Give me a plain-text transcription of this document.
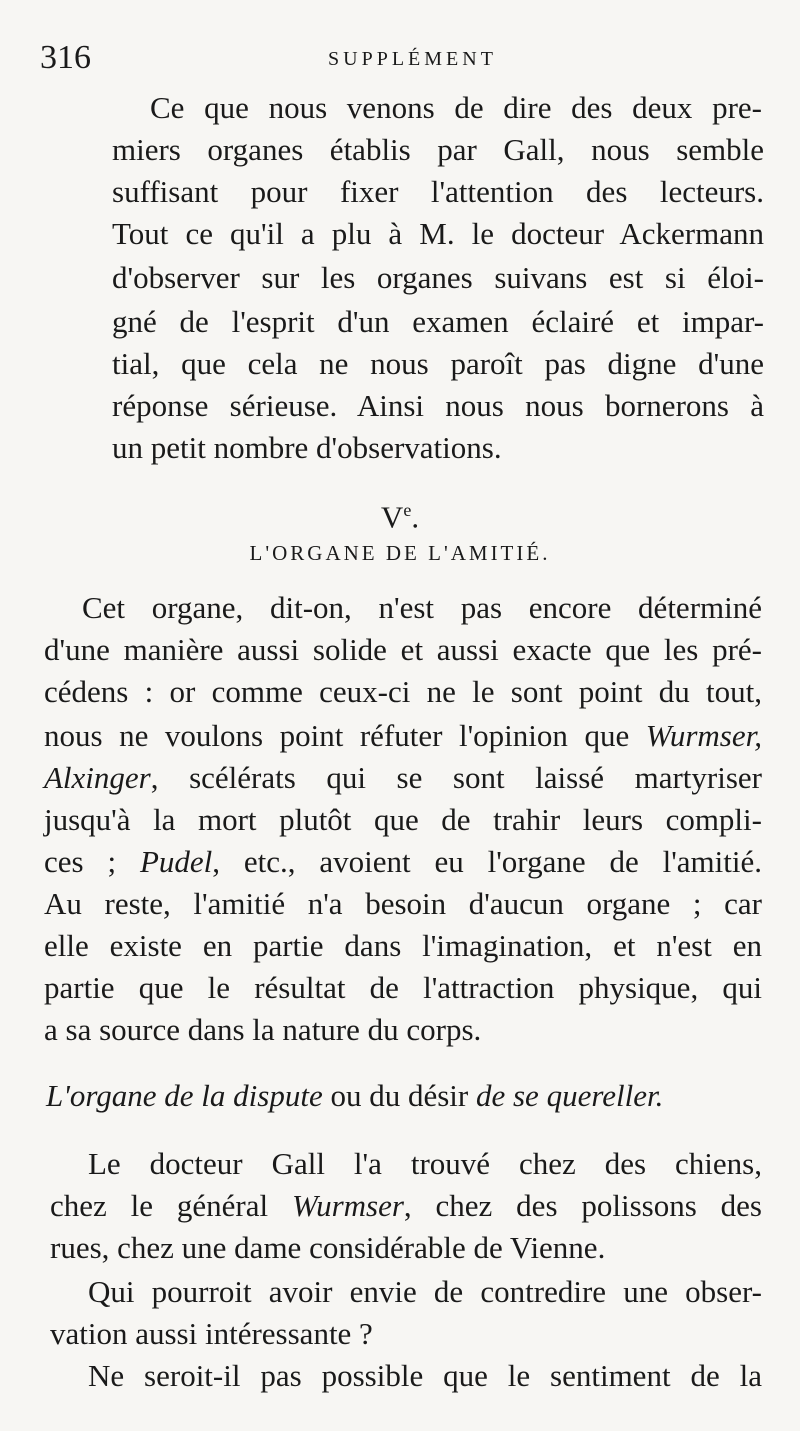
316	SUPPLÉMENT
Ce que nous venons de dire des deux pre-
miers organes établis par Gall, nous semble
suffisant pour fixer l'attention des lecteurs.
Tout ce qu'il a plu à M. le docteur Ackermann
d'observer sur les organes suivans est si éloi-
gné de l'esprit d'un examen éclairé et impar-
tial, que cela ne nous paroît pas digne d'une
réponse sérieuse. Ainsi nous nous bornerons à
un petit nombre d'observations.
Ve.
L'ORGANE DE L'AMITIÉ.
Cet organe, dit-on, n'est pas encore déterminé
d'une manière aussi solide et aussi exacte que les pré-
cédens : or comme ceux-ci ne le sont point du tout,
nous ne voulons point réfuter l'opinion que Wurmser,
Alxinger, scélérats qui se sont laissé martyriser
jusqu'à la mort plutôt que de trahir leurs compli-
ces ; Pudel, etc., avoient eu l'organe de l'amitié.
Au reste, l'amitié n'a besoin d'aucun organe ; car
elle existe en partie dans l'imagination, et n'est en
partie que le résultat de l'attraction physique, qui
a sa source dans la nature du corps.
L'organe de la dispute ou du désir de se quereller.
Le docteur Gall l'a trouvé chez des chiens,
chez le général Wurmser, chez des polissons des
rues, chez une dame considérable de Vienne.
Qui pourroit avoir envie de contredire une obser-
vation aussi intéressante ?
Ne seroit-il pas possible que le sentiment de la
